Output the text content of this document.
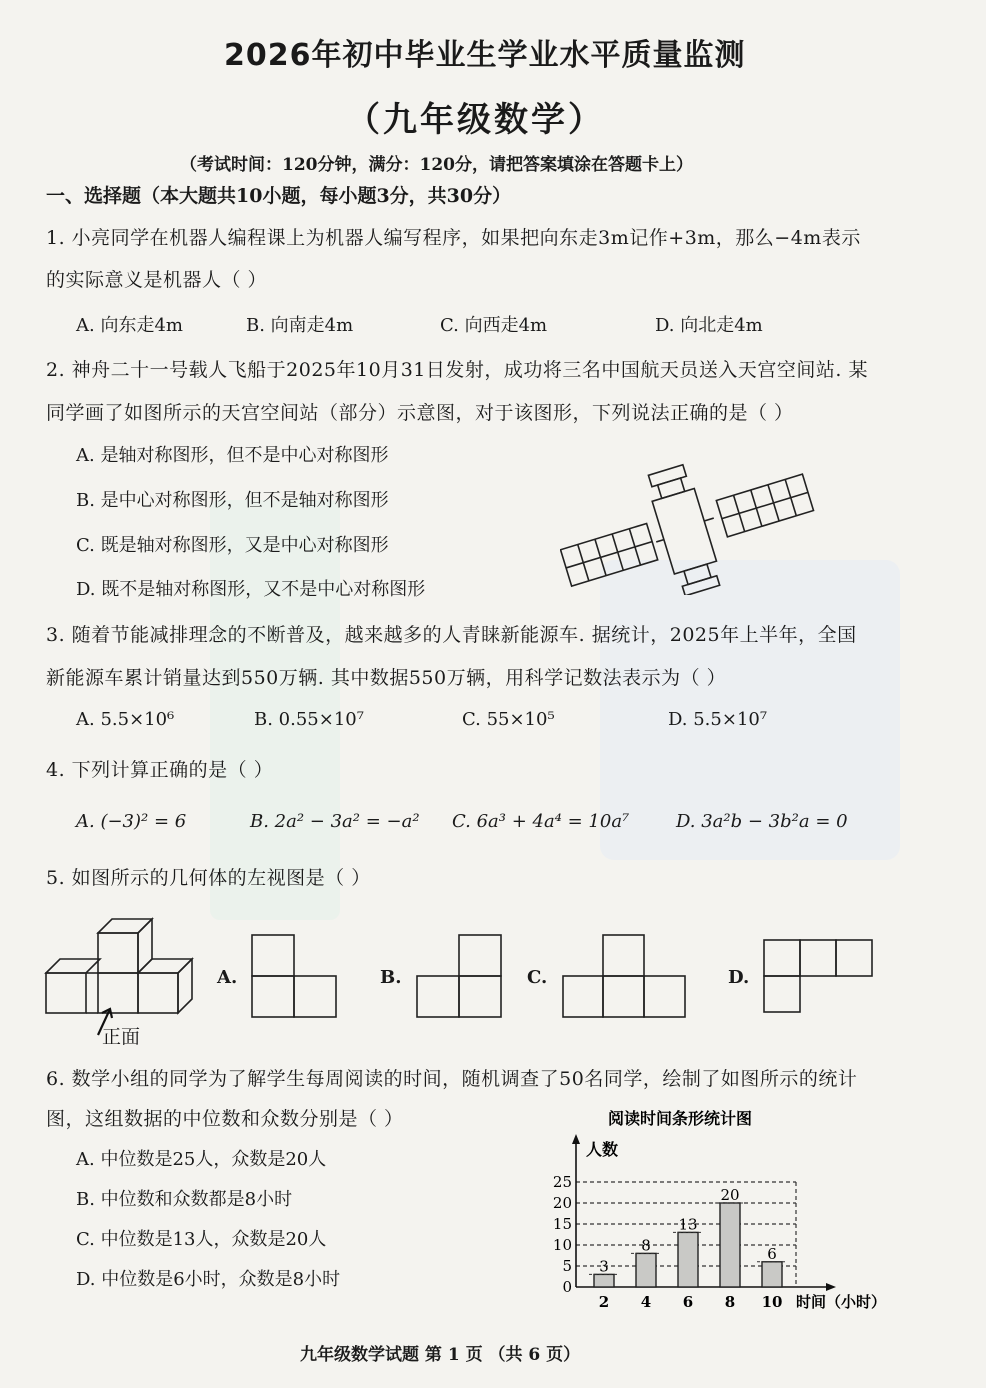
2026年初中毕业生学业水平质量监测
（九年级数学）
（考试时间：120分钟，满分：120分，请把答案填涂在答题卡上）
一、选择题（本大题共10小题，每小题3分，共30分）
1. 小亮同学在机器人编程课上为机器人编写程序，如果把向东走3m记作+3m，那么−4m表示
的实际意义是机器人（ ）
A. 向东走4m	B. 向南走4m	C. 向西走4m	D. 向北走4m
2. 神舟二十一号载人飞船于2025年10月31日发射，成功将三名中国航天员送入天宫空间站. 某
同学画了如图所示的天宫空间站（部分）示意图，对于该图形，下列说法正确的是（ ）
A. 是轴对称图形，但不是中心对称图形
B. 是中心对称图形，但不是轴对称图形
C. 既是轴对称图形，又是中心对称图形
D. 既不是轴对称图形，又不是中心对称图形
3. 随着节能减排理念的不断普及，越来越多的人青睐新能源车. 据统计，2025年上半年，全国
新能源车累计销量达到550万辆. 其中数据550万辆，用科学记数法表示为（ ）
A. 5.5×10⁶	B. 0.55×10⁷	C. 55×10⁵	D. 5.5×10⁷
4. 下列计算正确的是（ ）
A. (−3)² = 6	B. 2a² − 3a² = −a² C. 6a³ + 4a⁴ = 10a⁷	D. 3a²b − 3b²a = 0
5. 如图所示的几何体的左视图是（ ）
正面
A.	B.	C.	D.
6. 数学小组的同学为了解学生每周阅读的时间，随机调查了50名同学，绘制了如图所示的统计
图，这组数据的中位数和众数分别是（ ）
A. 中位数是25人，众数是20人
B. 中位数和众数都是8小时
C. 中位数是13人，众数是20人
D. 中位数是6小时，众数是8小时
阅读时间条形统计图
人数
时间（小时）
0
5
10
15
20
25
2 4 6 8 10
3
8
13
20
6
九年级数学试题 第 1 页 （共 6 页）
